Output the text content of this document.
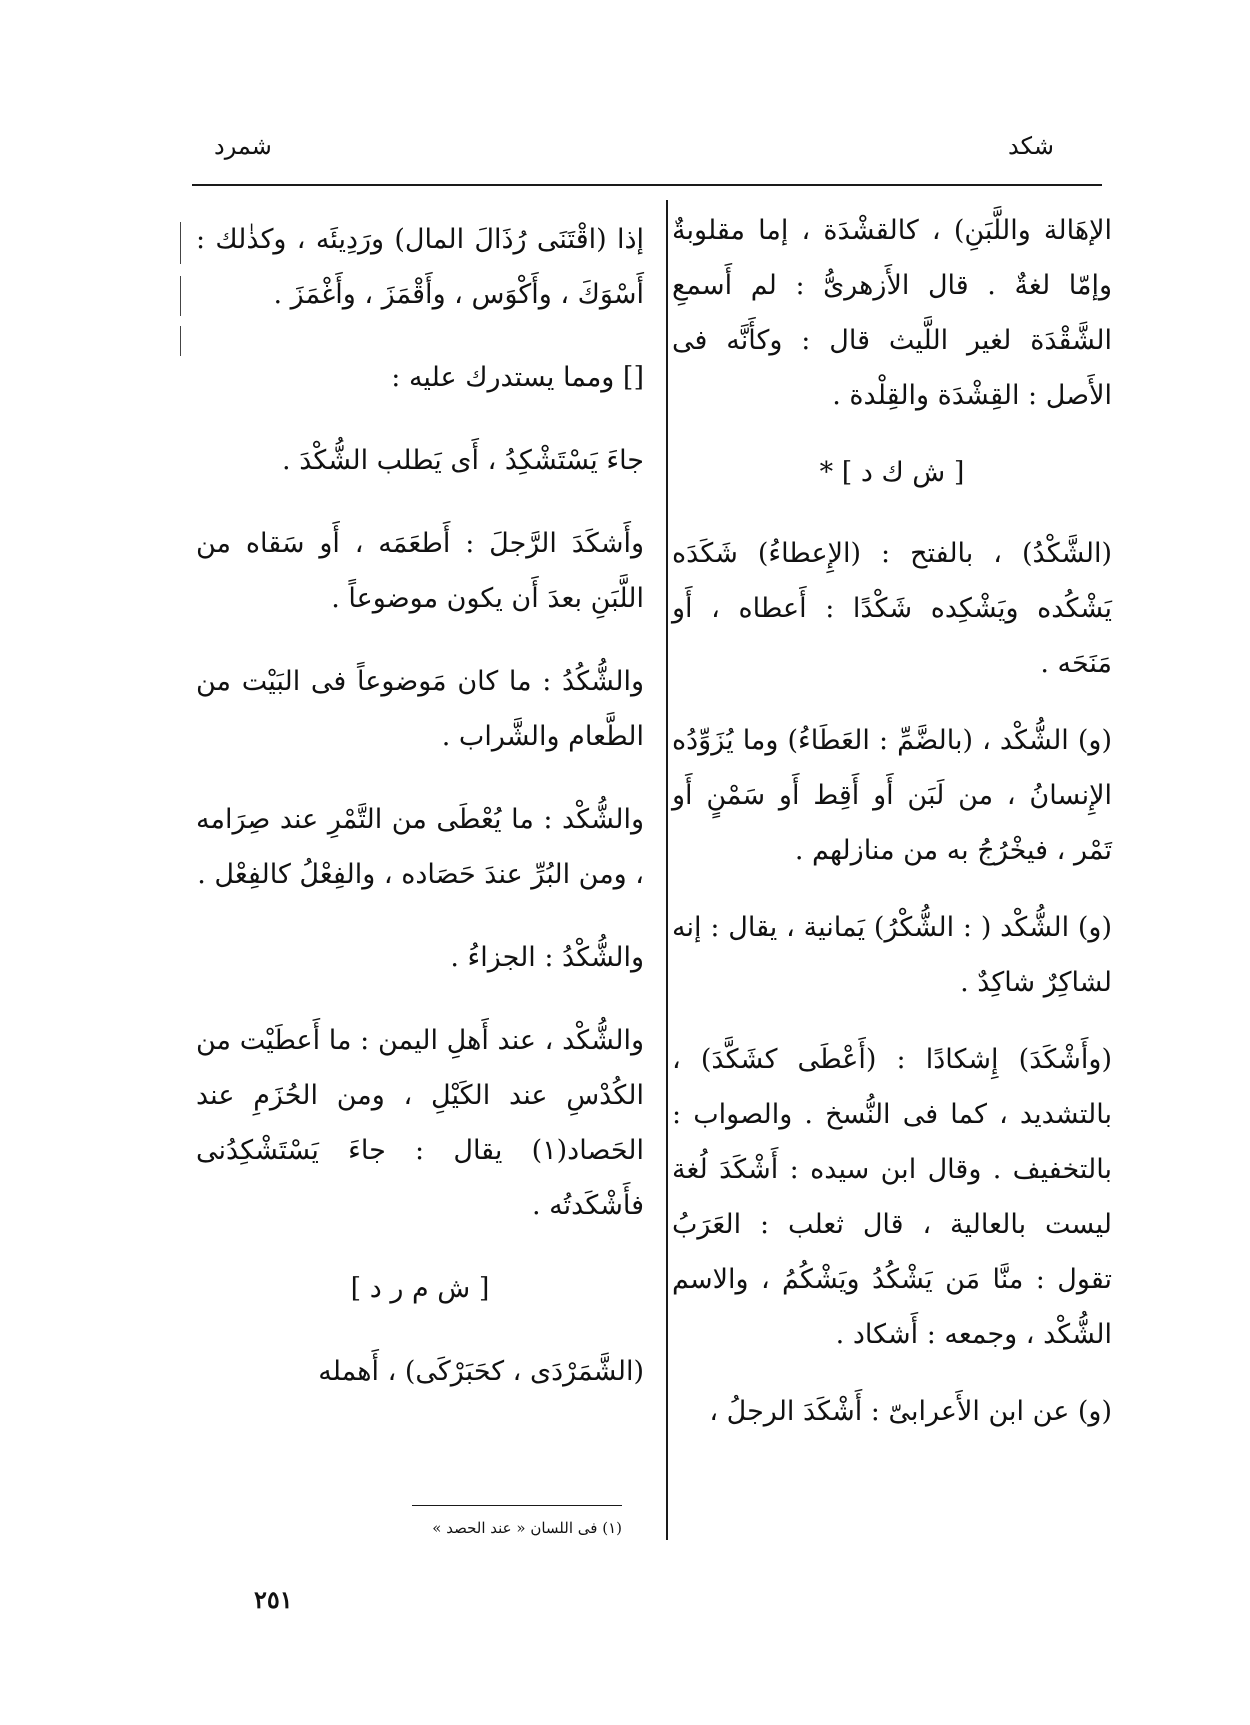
شكد
شمرد

الإهَالة واللَّبَنِ) ، كالقشْدَة ، إما مقلوبةٌ وإمّا لغةٌ . قال الأَزهرىُّ : لم أَسمعِ الشَّقْدَة لغير اللَّيث قال : وكأَنَّه فى الأَصل : القِشْدَة والقِلْدة .

[ ش ك د ] *

(الشَّكْدُ) ، بالفتح : (الإِعطاءُ) شَكَدَه يَشْكُده ويَشْكِده شَكْدًا : أَعطاه ، أَو مَنَحَه .

(و) الشُّكْد ، (بالضَّمِّ : العَطَاءُ) وما يُزَوِّدُه الإِنسانُ ، من لَبَن أَو أَقِط أَو سَمْنٍ أَو تَمْر ، فيخْرُجُ به من منازلهم .

(و) الشُّكْد ( : الشُّكْرُ) يَمانية ، يقال : إنه لشاكِرٌ شاكِدٌ .

(وأَشْكَدَ) إِشكادًا : (أَعْطَى كشَكَّدَ) ، بالتشديد ، كما فى النُّسخ . والصواب : بالتخفيف . وقال ابن سيده : أَشْكَدَ لُغة ليست بالعالية ، قال ثعلب : العَرَبُ تقول : منَّا مَن يَشْكُدُ ويَشْكُمُ ، والاسم الشُّكْد ، وجمعه : أَشكاد .

(و) عن ابن الأَعرابىّ : أَشْكَدَ الرجلُ ،

إذا (اقْتَنَى رُذَالَ المال) ورَدِيئَه ، وكذٰلك : أَسْوَكَ ، وأَكْوَس ، وأَقْمَزَ ، وأَغْمَزَ .

[] ومما يستدرك عليه :

جاءَ يَسْتَشْكِدُ ، أَى يَطلب الشُّكْدَ .

وأَشكَدَ الرَّجلَ : أَطعَمَه ، أَو سَقاه من اللَّبَنِ بعدَ أَن يكون موضوعاً .

والشُّكُدُ : ما كان مَوضوعاً فى البَيْت من الطَّعام والشَّراب .

والشُّكْد : ما يُعْطَى من التَّمْرِ عند صِرَامه ، ومن البُرِّ عندَ حَصَاده ، والفِعْلُ كالفِعْل .

والشُّكْدُ : الجزاءُ .

والشُّكْد ، عند أَهلِ اليمن : ما أَعطَيْت من الكُدْسِ عند الكَيْلِ ، ومن الحُزَمِ عند الحَصاد(١) يقال : جاءَ يَسْتَشْكِدُنى فأَشْكَدتُه .

[ ش م ر د ]

(الشَّمَرْدَى ، كحَبَرْكَى) ، أَهمله

(١) فى اللسان « عند الحصد »
٢٥١
